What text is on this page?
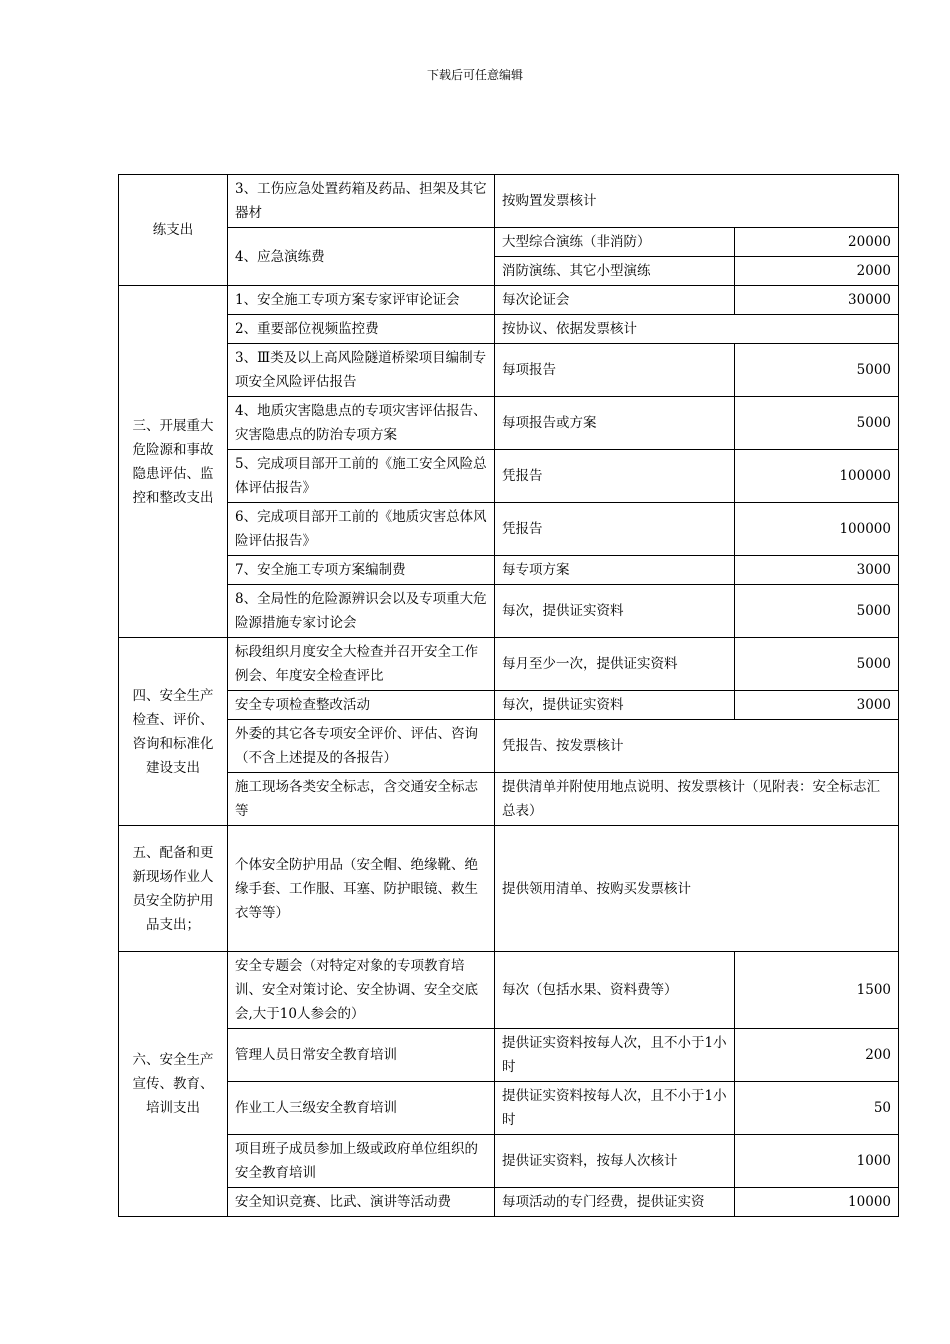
下载后可任意编辑
练支出	3、工伤应急处置药箱及药品、担架及其它器材	按购置发票核计	
	4、应急演练费	大型综合演练（非消防）	20000
		消防演练、其它小型演练	2000
三、开展重大危险源和事故隐患评估、监控和整改支出	1、安全施工专项方案专家评审论证会	每次论证会	30000
	2、重要部位视频监控费	按协议、依据发票核计	
	3、Ⅲ类及以上高风险隧道桥梁项目编制专项安全风险评估报告	每项报告	5000
	4、地质灾害隐患点的专项灾害评估报告、灾害隐患点的防治专项方案	每项报告或方案	5000
	5、完成项目部开工前的《施工安全风险总体评估报告》	凭报告	100000
	6、完成项目部开工前的《地质灾害总体风险评估报告》	凭报告	100000
	7、安全施工专项方案编制费	每专项方案	3000
	8、全局性的危险源辨识会以及专项重大危险源措施专家讨论会	每次，提供证实资料	5000
四、安全生产检查、评价、咨询和标准化建设支出	标段组织月度安全大检查并召开安全工作例会、年度安全检查评比	每月至少一次，提供证实资料	5000
	安全专项检查整改活动	每次，提供证实资料	3000
	外委的其它各专项安全评价、评估、咨询（不含上述提及的各报告）	凭报告、按发票核计	
	施工现场各类安全标志，含交通安全标志等	提供清单并附使用地点说明、按发票核计（见附表：安全标志汇总表）	
五、配备和更新现场作业人员安全防护用品支出；	个体安全防护用品（安全帽、绝缘靴、绝缘手套、工作服、耳塞、防护眼镜、救生衣等等）	提供领用清单、按购买发票核计	
六、安全生产宣传、教育、培训支出	安全专题会（对特定对象的专项教育培训、安全对策讨论、安全协调、安全交底会,大于10人参会的）	每次（包括水果、资料费等）	1500
	管理人员日常安全教育培训	提供证实资料按每人次，且不小于1小时	200
	作业工人三级安全教育培训	提供证实资料按每人次，且不小于1小时	50
	项目班子成员参加上级或政府单位组织的安全教育培训	提供证实资料，按每人次核计	1000
	安全知识竞赛、比武、演讲等活动费	每项活动的专门经费，提供证实资	10000
